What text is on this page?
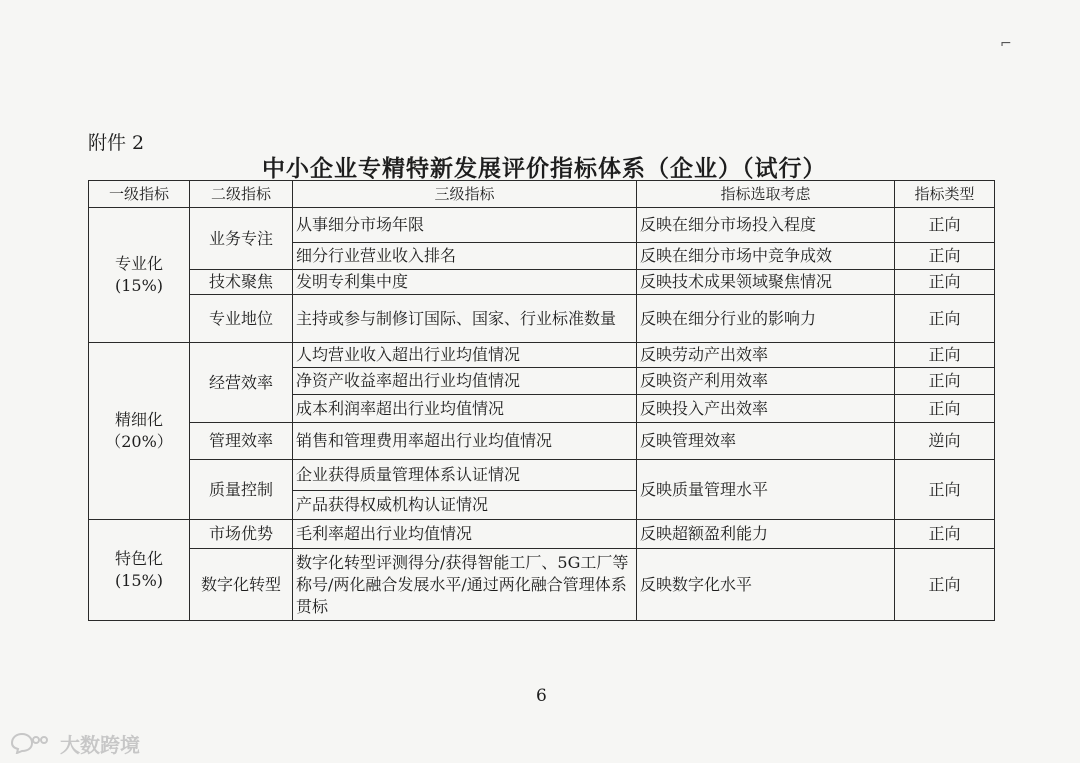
⌐
附件 2
中小企业专精特新发展评价指标体系（企业）（试行）
一级指标	二级指标	三级指标	指标选取考虑	指标类型

专业化
(15%)	业务专注	从事细分市场年限	反映在细分市场投入程度	正向
		细分行业营业收入排名	反映在细分市场中竞争成效	正向
	技术聚焦	发明专利集中度	反映技术成果领域聚焦情况	正向
	专业地位	主持或参与制修订国际、国家、行业标准数量	反映在细分行业的影响力	正向

精细化
（20%）	经营效率	人均营业收入超出行业均值情况	反映劳动产出效率	正向
		净资产收益率超出行业均值情况	反映资产利用效率	正向
		成本利润率超出行业均值情况	反映投入产出效率	正向
	管理效率	销售和管理费用率超出行业均值情况	反映管理效率	逆向
	质量控制	企业获得质量管理体系认证情况	反映质量管理水平	正向
		产品获得权威机构认证情况		

特色化
(15%)	市场优势	毛利率超出行业均值情况	反映超额盈利能力	正向
	数字化转型	数字化转型评测得分/获得智能工厂、5G工厂等称号/两化融合发展水平/通过两化融合管理体系贯标	反映数字化水平	正向
6
大数跨境
